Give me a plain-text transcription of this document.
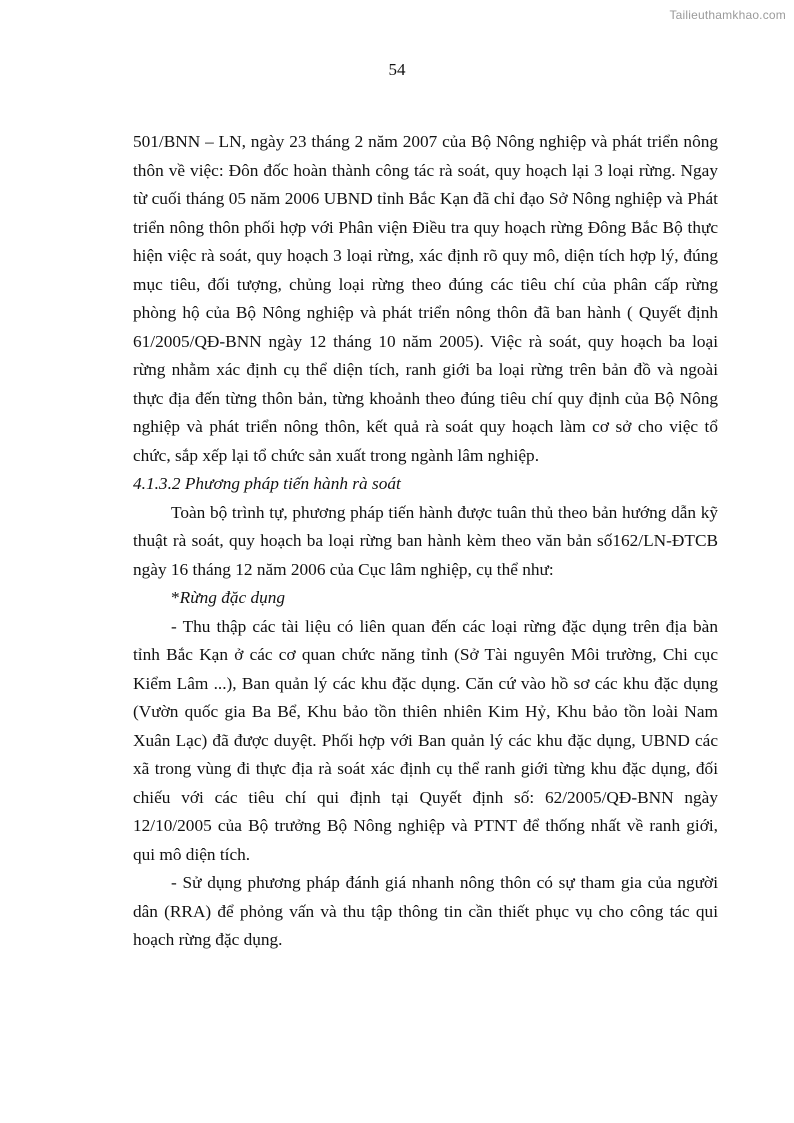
Tailieuthamkhao.com
54

501/BNN – LN, ngày 23 tháng 2 năm 2007 của Bộ Nông nghiệp và phát triển nông thôn về việc: Đôn đốc hoàn thành công tác rà soát, quy hoạch lại 3 loại rừng. Ngay từ cuối tháng 05 năm 2006 UBND tỉnh Bắc Kạn đã chỉ đạo Sở Nông nghiệp và Phát triển nông thôn phối hợp với Phân viện Điều tra quy hoạch rừng Đông Bắc Bộ thực hiện việc rà soát, quy hoạch 3 loại rừng, xác định rõ quy mô, diện tích hợp lý, đúng mục tiêu, đối tượng, chủng loại rừng theo đúng các tiêu chí của phân cấp rừng phòng hộ của Bộ Nông nghiệp và phát triển nông thôn đã ban hành ( Quyết định 61/2005/QĐ-BNN ngày 12 tháng 10 năm 2005). Việc rà soát, quy hoạch ba loại rừng nhằm xác định cụ thể diện tích, ranh giới ba loại rừng trên bản đồ và ngoài thực địa đến từng thôn bản, từng khoảnh theo đúng tiêu chí quy định của Bộ Nông nghiệp và phát triển nông thôn, kết quả rà soát quy hoạch làm cơ sở cho việc tổ chức, sắp xếp lại tổ chức sản xuất trong ngành lâm nghiệp.

4.1.3.2 Phương pháp tiến hành rà soát

Toàn bộ trình tự, phương pháp tiến hành được tuân thủ theo bản hướng dẫn kỹ thuật rà soát, quy hoạch ba loại rừng ban hành kèm theo văn bản số162/LN-ĐTCB ngày 16 tháng 12 năm 2006 của Cục lâm nghiệp, cụ thể như:

*Rừng đặc dụng

- Thu thập các tài liệu có liên quan đến các loại rừng đặc dụng trên địa bàn tỉnh Bắc Kạn ở các cơ quan chức năng tỉnh (Sở Tài nguyên Môi trường, Chi cục Kiểm Lâm ...), Ban quản lý các khu đặc dụng. Căn cứ vào hồ sơ các khu đặc dụng (Vườn quốc gia Ba Bể, Khu bảo tồn thiên nhiên Kim Hỷ, Khu bảo tồn loài Nam Xuân Lạc) đã được duyệt. Phối hợp với Ban quản lý các khu đặc dụng, UBND các xã trong vùng đi thực địa rà soát xác định cụ thể ranh giới từng khu đặc dụng, đối chiếu với các tiêu chí qui định tại Quyết định số: 62/2005/QĐ-BNN ngày 12/10/2005 của Bộ trưởng Bộ Nông nghiệp và PTNT để thống nhất về ranh giới, qui mô diện tích.

- Sử dụng phương pháp đánh giá nhanh nông thôn có sự tham gia của người dân (RRA) để phỏng vấn và thu tập thông tin cần thiết phục vụ cho công tác qui hoạch rừng đặc dụng.
